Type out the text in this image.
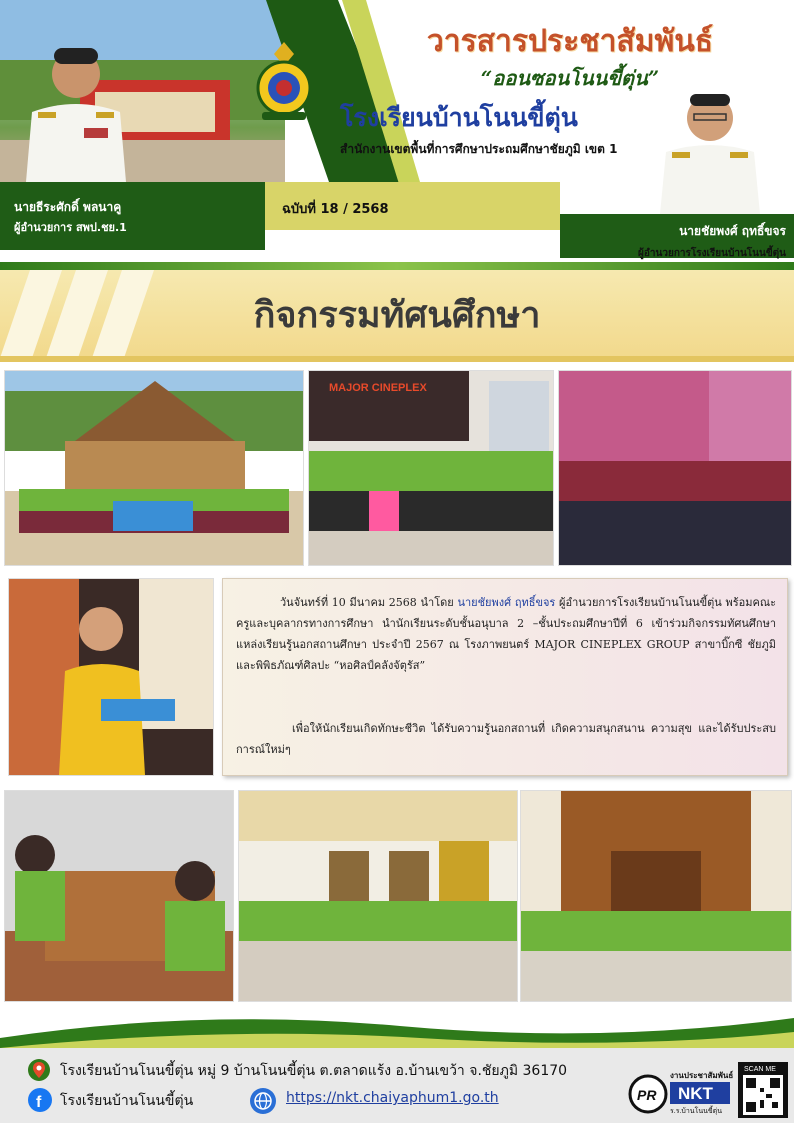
วารสารประชาสัมพันธ์
“ออนซอนโนนขี้ตุ่น”
โรงเรียนบ้านโนนขี้ตุ่น
สำนักงานเขตพื้นที่การศึกษาประถมศึกษาชัยภูมิ เขต 1
ฉบับที่ 18 / 2568
นายธีระศักดิ์ พลนาคู
ผู้อำนวยการ สพป.ชย.1	นายชัยพงศ์ ฤทธิ์ขจร
ผู้อำนวยการโรงเรียนบ้านโนนขี้ตุ่น
กิจกรรมทัศนศึกษา
MAJOR CINEPLEX
วันจันทร์ที่ 10 มีนาคม 2568 นำโดย นายชัยพงศ์ ฤทธิ์ขจร ผู้อำนวยการโรงเรียนบ้านโนนขี้ตุ่น พร้อมคณะครูและบุคลากรทางการศึกษา นำนักเรียนระดับชั้นอนุบาล 2 –ชั้นประถมศึกษาปีที่ 6 เข้าร่วมกิจกรรมทัศนศึกษาแหล่งเรียนรู้นอกสถานศึกษา ประจำปี 2567 ณ โรงภาพยนตร์ MAJOR CINEPLEX GROUP สาขาบิ๊กซี ชัยภูมิ และพิพิธภัณฑ์ศิลปะ “หอศิลป์คลังจัตุรัส”
เพื่อให้นักเรียนเกิดทักษะชีวิต ได้รับความรู้นอกสถานที่ เกิดความสนุกสนาน ความสุข และได้รับประสบการณ์ใหม่ๆ
โรงเรียนบ้านโนนขี้ตุ่น หมู่ 9 บ้านโนนขี้ตุ่น ต.ตลาดแร้ง อ.บ้านเขว้า จ.ชัยภูมิ 36170
f โรงเรียนบ้านโนนขี้ตุ่น	https://nkt.chaiyaphum1.go.th	PR
งานประชาสัมพันธ์
NKT
ร.ร.บ้านโนนขี้ตุ่น
SCAN ME
